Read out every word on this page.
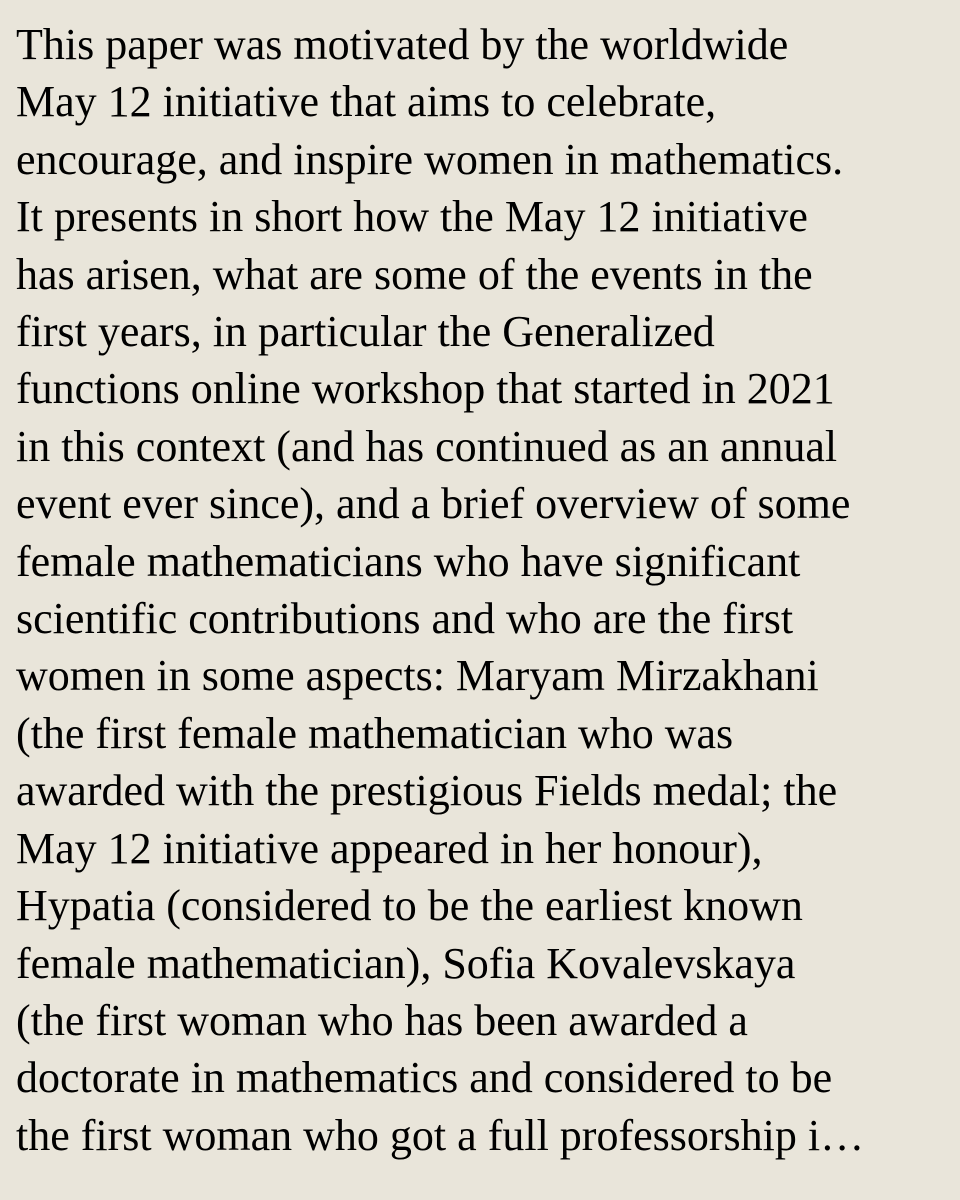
This paper was motivated by the worldwide
May 12 initiative that aims to celebrate,
encourage, and inspire women in mathematics.
It presents in short how the May 12 initiative
has arisen, what are some of the events in the
first years, in particular the Generalized
functions online workshop that started in 2021
in this context (and has continued as an annual
event ever since), and a brief overview of some
female mathematicians who have significant
scientific contributions and who are the first
women in some aspects: Maryam Mirzakhani
(the first female mathematician who was
awarded with the prestigious Fields medal; the
May 12 initiative appeared in her honour),
Hypatia (considered to be the earliest known
female mathematician), Sofia Kovalevskaya
(the first woman who has been awarded a
doctorate in mathematics and considered to be
the first woman who got a full professorship i…
